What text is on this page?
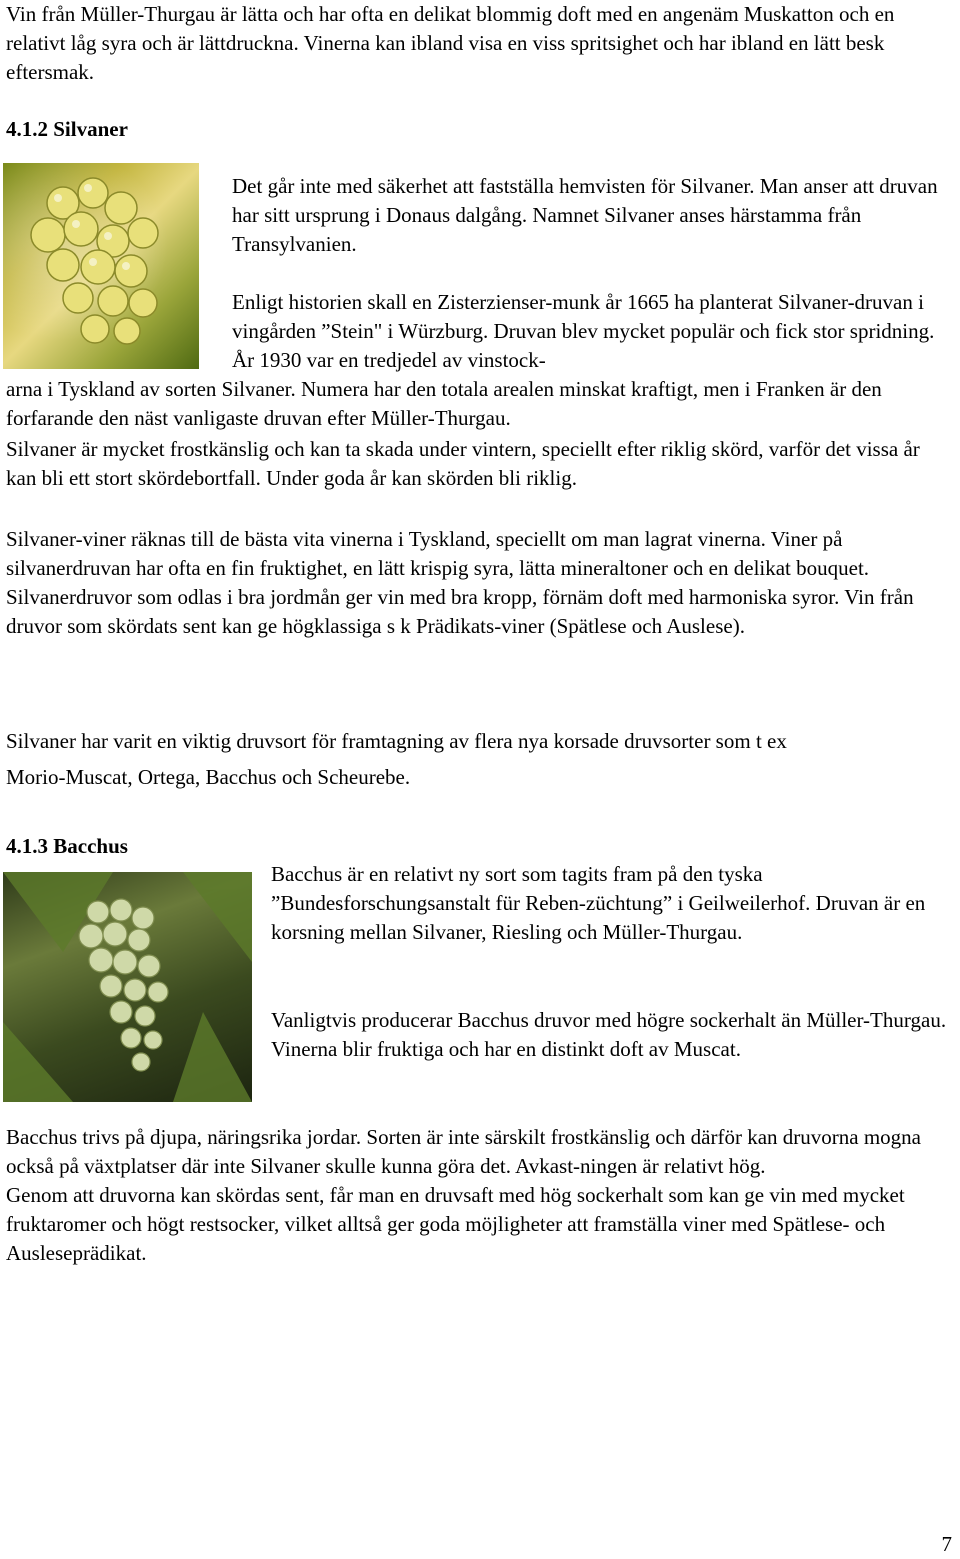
Vin från Müller-Thurgau är lätta och har ofta en delikat blommig doft med en angenäm Muskatton och en relativt låg syra och är lättdruckna. Vinerna kan ibland visa en viss spritsighet och har ibland en lätt besk eftersmak.

4.1.2 Silvaner

Det går inte med säkerhet att fastställa hemvisten för Silvaner. Man anser att druvan har sitt ursprung i Donaus dalgång. Namnet Silvaner anses härstamma från Transylvanien.

Enligt historien skall en Zisterzienser-munk år 1665 ha planterat Silvaner-druvan i vingården ”Stein" i Würzburg. Druvan blev mycket populär och fick stor spridning. År 1930 var en tredjedel av vinstock-

arna i Tyskland av sorten Silvaner. Numera har den totala arealen minskat kraftigt, men i Franken är den forfarande den näst vanligaste druvan efter Müller-Thurgau.

Silvaner är mycket frostkänslig och kan ta skada under vintern, speciellt efter riklig skörd, varför det vissa år kan bli ett stort skördebortfall. Under goda år kan skörden bli riklig.

Silvaner-viner räknas till de bästa vita vinerna i Tyskland, speciellt om man lagrat vinerna. Viner på silvanerdruvan har ofta en fin fruktighet, en lätt krispig syra, lätta mineraltoner och en delikat bouquet.

Silvanerdruvor som odlas i bra jordmån ger vin med bra kropp, förnäm doft med harmoniska syror. Vin från druvor som skördats sent kan ge högklassiga s k Prädikats-viner (Spätlese och Auslese).

Silvaner har varit en viktig druvsort för framtagning av flera nya korsade druvsorter som t ex

Morio-Muscat, Ortega, Bacchus och Scheurebe.

4.1.3 Bacchus

Bacchus är en relativt ny sort som tagits fram på den tyska ”Bundesforschungsanstalt für Reben-züchtung” i Geilweilerhof. Druvan är en korsning mellan Silvaner, Riesling och Müller-Thurgau.

Vanligtvis producerar Bacchus druvor med högre sockerhalt än Müller-Thurgau. Vinerna blir fruktiga och har en distinkt doft av Muscat.

Bacchus trivs på djupa, näringsrika jordar. Sorten är inte särskilt frostkänslig och därför kan druvorna mogna också på växtplatser där inte Silvaner skulle kunna göra det. Avkast-ningen är relativt hög.

Genom att druvorna kan skördas sent, får man en druvsaft med hög sockerhalt som kan ge vin med mycket fruktaromer och högt restsocker, vilket alltså ger goda möjligheter att framställa viner med Spätlese- och Ausleseprädikat.

7
